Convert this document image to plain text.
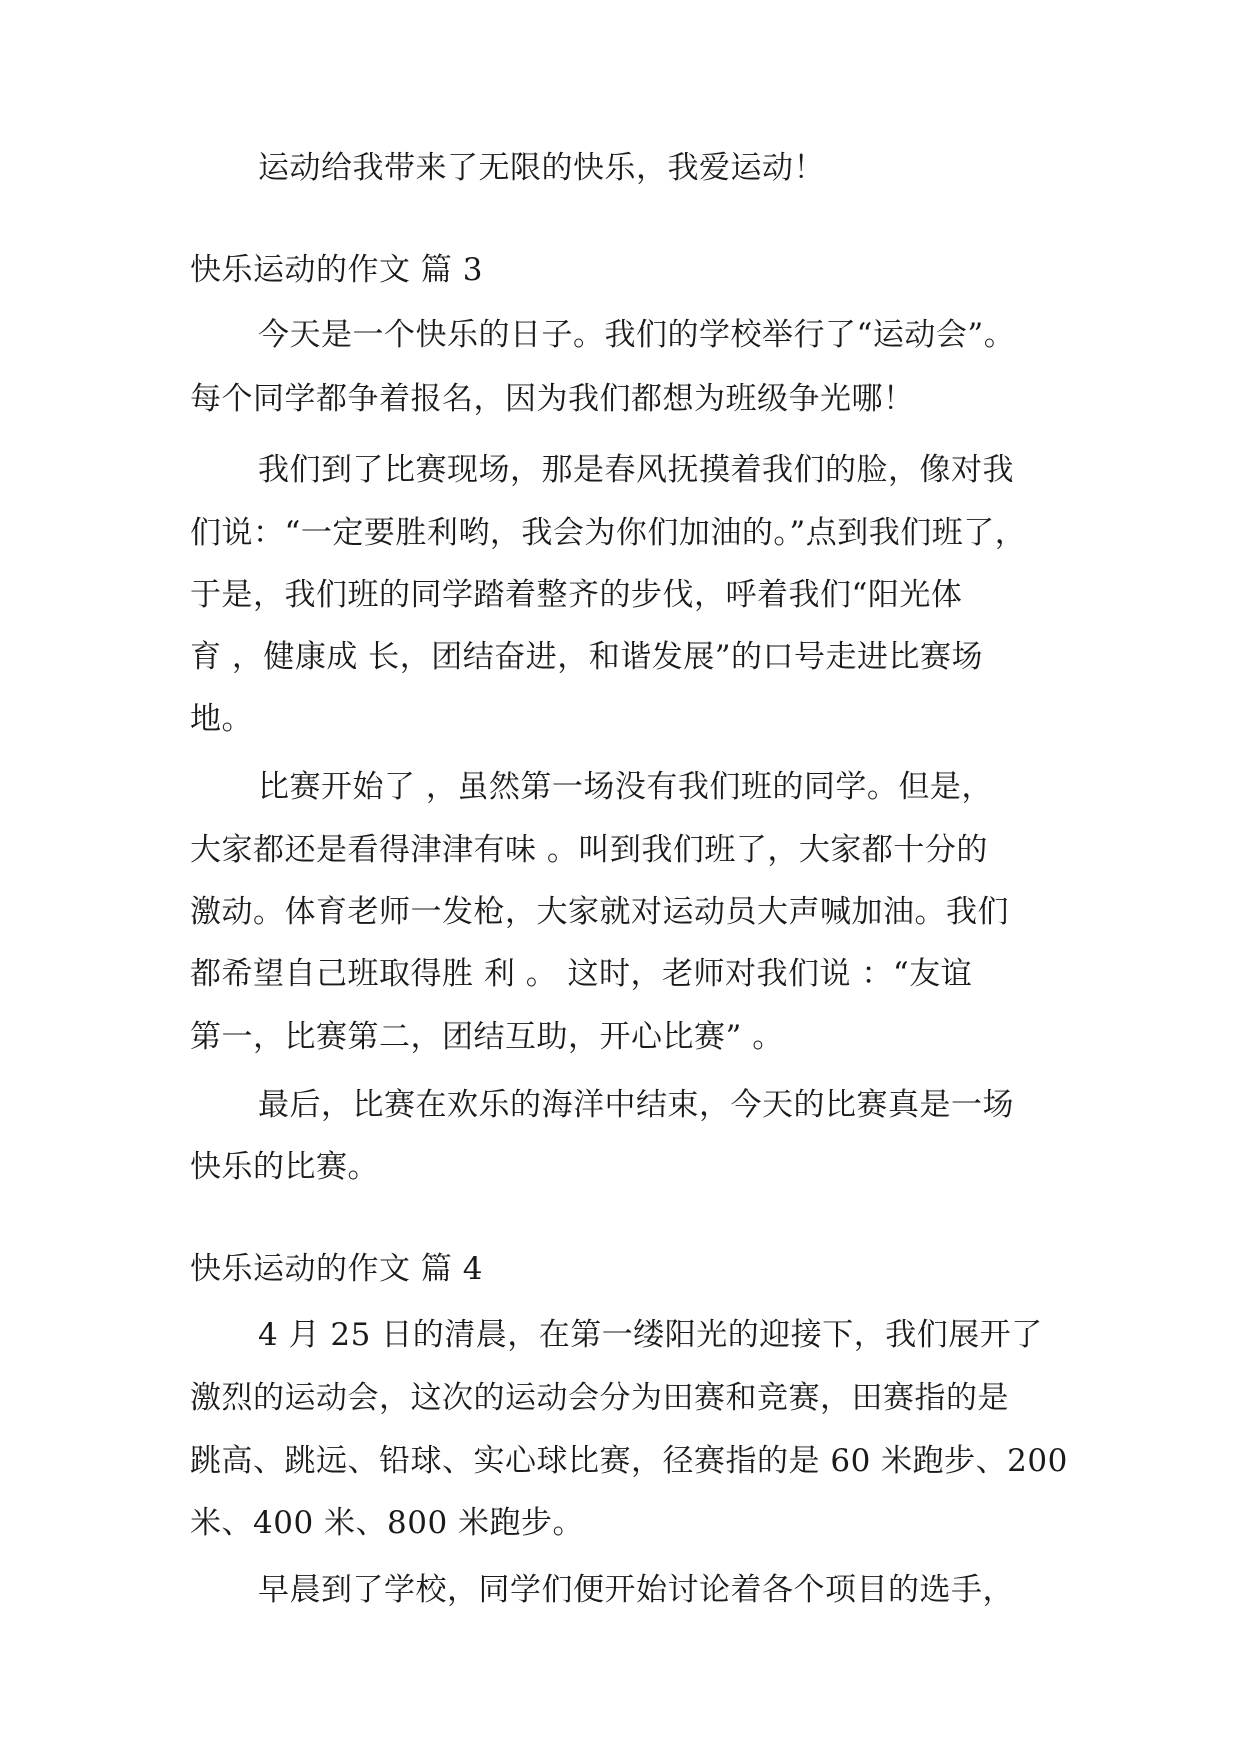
运动给我带来了无限的快乐，我爱运动！
快乐运动的作文 篇 3
今天是一个快乐的日子。我们的学校举行了“运动会”。
每个同学都争着报名，因为我们都想为班级争光哪！
我们到了比赛现场，那是春风抚摸着我们的脸，像对我
们说：“一定要胜利哟，我会为你们加油的。”点到我们班了，
于是，我们班的同学踏着整齐的步伐，呼着我们“阳光体
育 ，健康成 长，团结奋进，和谐发展”的口号走进比赛场
地。
比赛开始了 ，虽然第一场没有我们班的同学。但是，
大家都还是看得津津有味 。叫到我们班了，大家都十分的
激动。体育老师一发枪，大家就对运动员大声喊加油。我们
都希望自己班取得胜 利 。 这时，老师对我们说 ：“友谊
第一，比赛第二，团结互助，开心比赛” 。
最后，比赛在欢乐的海洋中结束，今天的比赛真是一场
快乐的比赛。
快乐运动的作文 篇 4
4 月 25 日的清晨，在第一缕阳光的迎接下，我们展开了
激烈的运动会，这次的运动会分为田赛和竞赛，田赛指的是
跳高、跳远、铅球、实心球比赛，径赛指的是 60 米跑步、200
米、400 米、800 米跑步。
早晨到了学校，同学们便开始讨论着各个项目的选手，
